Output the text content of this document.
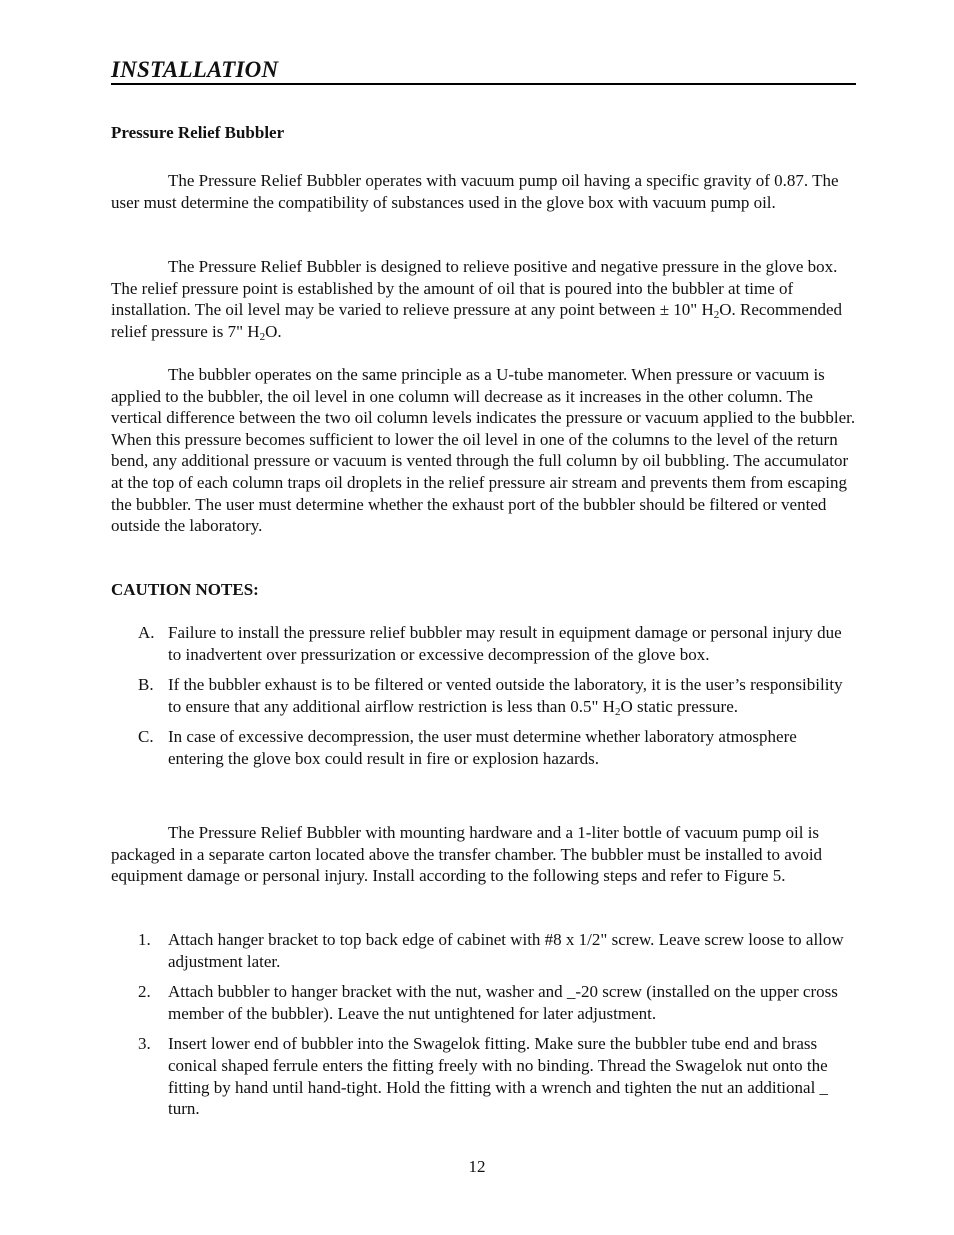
INSTALLATION
Pressure Relief Bubbler

The Pressure Relief Bubbler operates with vacuum pump oil having a specific gravity of 0.87. The user must determine the compatibility of substances used in the glove box with vacuum pump oil.

The Pressure Relief Bubbler is designed to relieve positive and negative pressure in the glove box. The relief pressure point is established by the amount of oil that is poured into the bubbler at time of installation. The oil level may be varied to relieve pressure at any point between ± 10" $H_2O$. Recommended relief pressure is 7" $H_2O$.

The bubbler operates on the same principle as a U-tube manometer. When pressure or vacuum is applied to the bubbler, the oil level in one column will decrease as it increases in the other column. The vertical difference between the two oil column levels indicates the pressure or vacuum applied to the bubbler. When this pressure becomes sufficient to lower the oil level in one of the columns to the level of the return bend, any additional pressure or vacuum is vented through the full column by oil bubbling. The accumulator at the top of each column traps oil droplets in the relief pressure air stream and prevents them from escaping the bubbler. The user must determine whether the exhaust port of the bubbler should be filtered or vented outside the laboratory.

CAUTION NOTES:
A. Failure to install the pressure relief bubbler may result in equipment damage or personal injury due to inadvertent over pressurization or excessive decompression of the glove box.
B. If the bubbler exhaust is to be filtered or vented outside the laboratory, it is the user’s responsibility to ensure that any additional airflow restriction is less than 0.5" $H_2O$ static pressure.
C. In case of excessive decompression, the user must determine whether laboratory atmosphere entering the glove box could result in fire or explosion hazards.

The Pressure Relief Bubbler with mounting hardware and a 1-liter bottle of vacuum pump oil is packaged in a separate carton located above the transfer chamber. The bubbler must be installed to avoid equipment damage or personal injury. Install according to the following steps and refer to Figure 5.

1. Attach hanger bracket to top back edge of cabinet with #8 x 1/2" screw. Leave screw loose to allow adjustment later.
2. Attach bubbler to hanger bracket with the nut, washer and _-20 screw (installed on the upper cross member of the bubbler). Leave the nut untightened for later adjustment.
3. Insert lower end of bubbler into the Swagelok fitting. Make sure the bubbler tube end and brass conical shaped ferrule enters the fitting freely with no binding. Thread the Swagelok nut onto the fitting by hand until hand-tight. Hold the fitting with a wrench and tighten the nut an additional _ turn.
12
